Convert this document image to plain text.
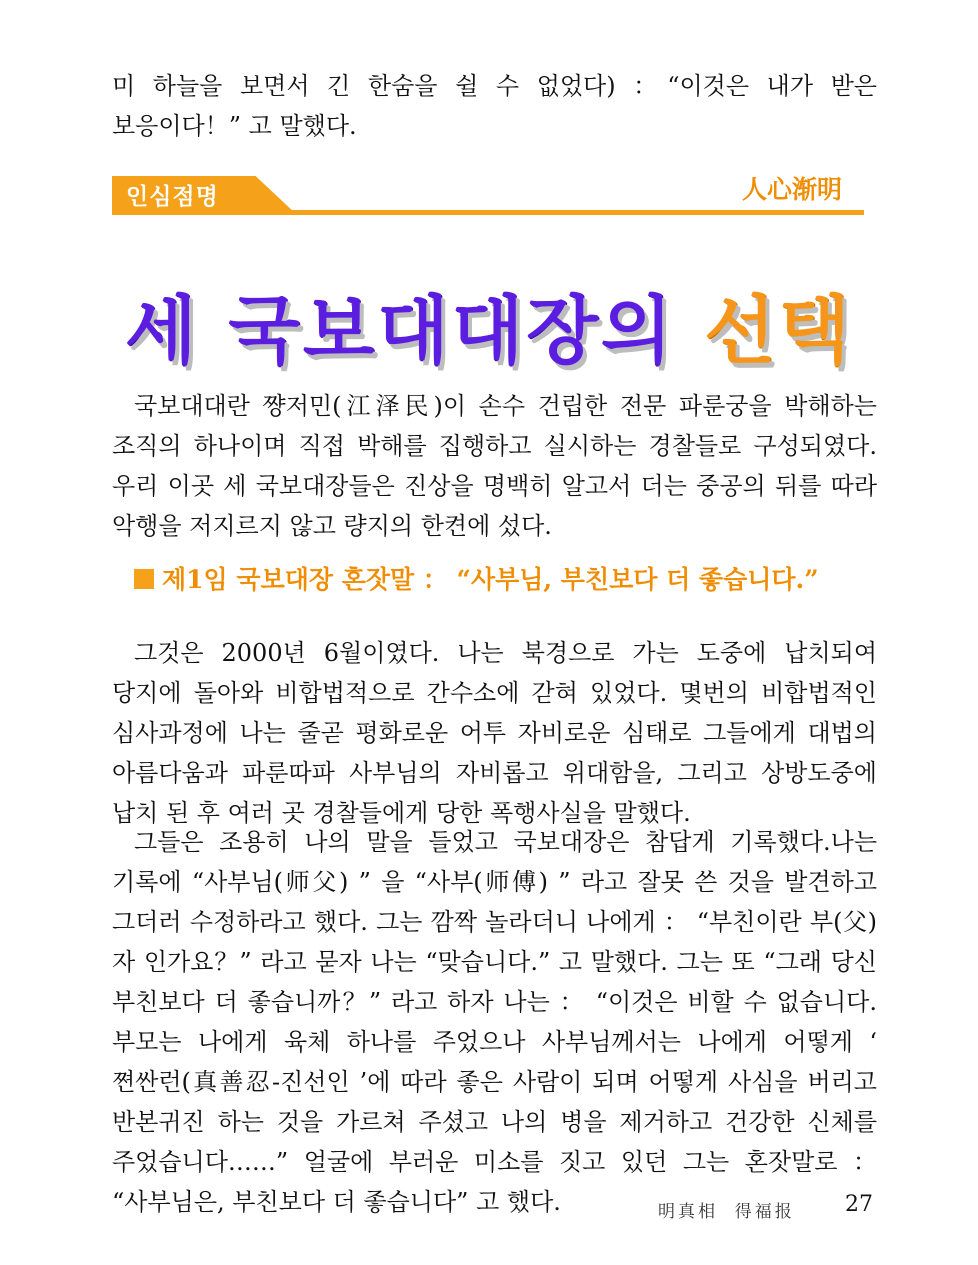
미 하늘을 보면서 긴 한숨을 쉴 수 없었다) ：“이것은 내가 받은 보응이다！” 고 말했다.

인심점명	人心渐明
세 국보대대장의 선택

국보대대란 쨩저민(江泽民)이 손수 건립한 전문 파룬궁을 박해하는 조직의 하나이며 직접 박해를 집행하고 실시하는 경찰들로 구성되였다. 우리 이곳 세 국보대장들은 진상을 명백히 알고서 더는 중공의 뒤를 따라 악행을 저지르지 않고 량지의 한켠에 섰다.

제1임 국보대장 혼잣말 ： “사부님, 부친보다 더 좋습니다.”

그것은 2000년 6월이였다. 나는 북경으로 가는 도중에 납치되여 당지에 돌아와 비합법적으로 간수소에 갇혀 있었다. 몇번의 비합법적인 심사과정에 나는 줄곧 평화로운 어투 자비로운 심태로 그들에게 대법의 아름다움과 파룬따파 사부님의 자비롭고 위대함을, 그리고 상방도중에 납치 된 후 여러 곳 경찰들에게 당한 폭행사실을 말했다.

그들은 조용히 나의 말을 들었고 국보대장은 참답게 기록했다.나는 기록에 “사부님(师父) ” 을 “사부(师傅) ” 라고 잘못 쓴 것을 발견하고 그더러 수정하라고 했다. 그는 깜짝 놀라더니 나에게 ： “부친이란 부(父)자 인가요？” 라고 묻자 나는 “맞습니다.” 고 말했다. 그는 또 “그래 당신 부친보다 더 좋습니까？” 라고 하자 나는 ： “이것은 비할 수 없습니다. 부모는 나에게 육체 하나를 주었으나 사부님께서는 나에게 어떻게 ‘ 쪈싼런(真善忍-진선인 ’에 따라 좋은 사람이 되며 어떻게 사심을 버리고 반본귀진 하는 것을 가르쳐 주셨고 나의 병을 제거하고 건강한 신체를 주었습니다……” 얼굴에 부러운 미소를 짓고 있던 그는 혼잣말로 ： “사부님은, 부친보다 더 좋습니다” 고 했다.	明真相  得福报 27
